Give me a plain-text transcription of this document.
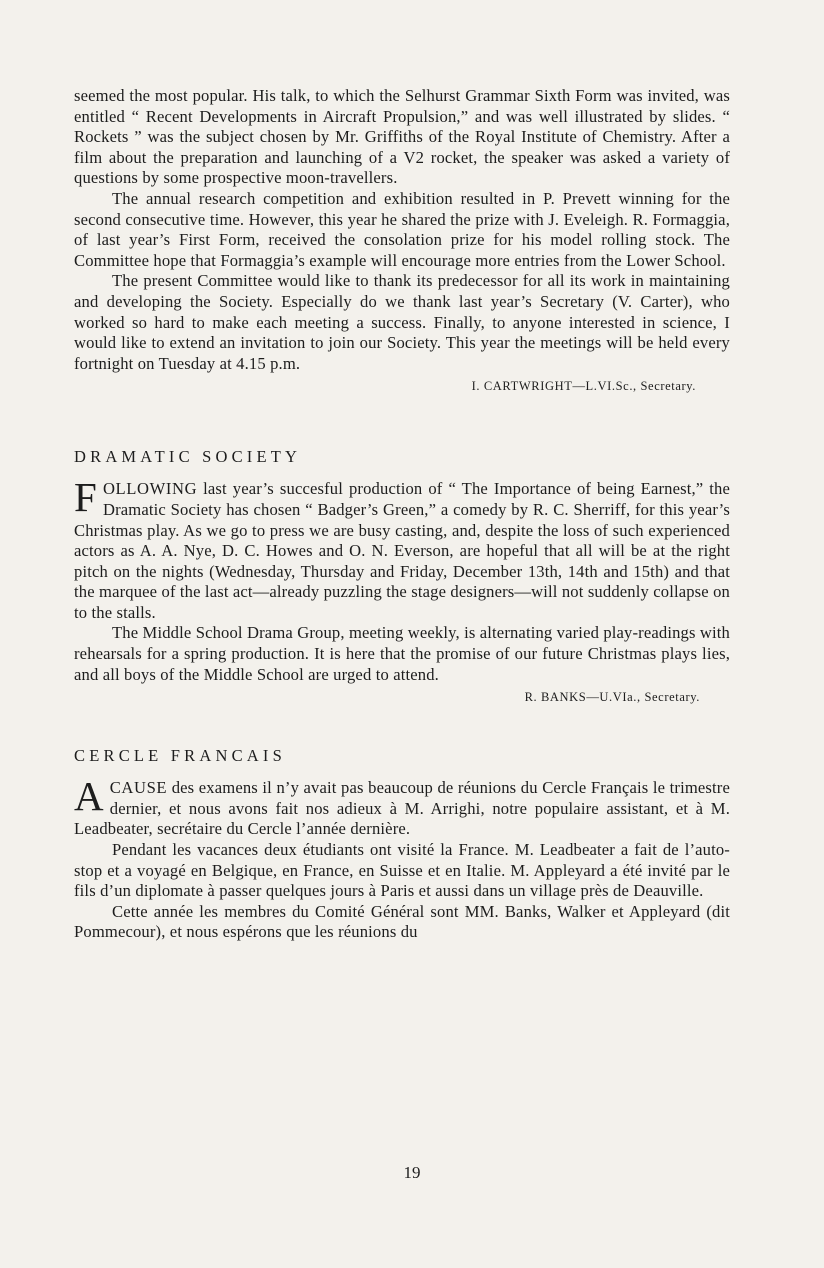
seemed the most popular. His talk, to which the Selhurst Grammar Sixth Form was invited, was entitled “ Recent Developments in Aircraft Propulsion,” and was well illustrated by slides. “ Rockets ” was the subject chosen by Mr. Griffiths of the Royal Institute of Chemistry. After a film about the preparation and launching of a V2 rocket, the speaker was asked a variety of questions by some prospective moon-travellers.

The annual research competition and exhibition resulted in P. Prevett winning for the second consecutive time. However, this year he shared the prize with J. Eveleigh. R. Formaggia, of last year’s First Form, received the consolation prize for his model rolling stock. The Committee hope that Formaggia’s example will encourage more entries from the Lower School.

The present Committee would like to thank its predecessor for all its work in maintaining and developing the Society. Especially do we thank last year’s Secretary (V. Carter), who worked so hard to make each meeting a success. Finally, to anyone interested in science, I would like to extend an invitation to join our Society. This year the meetings will be held every fortnight on Tuesday at 4.15 p.m.

I. CARTWRIGHT—L.VI.Sc., Secretary.

DRAMATIC SOCIETY

FOLLOWING last year’s succesful production of “ The Importance of being Earnest,” the Dramatic Society has chosen “ Badger’s Green,” a comedy by R. C. Sherriff, for this year’s Christmas play. As we go to press we are busy casting, and, despite the loss of such experienced actors as A. A. Nye, D. C. Howes and O. N. Everson, are hopeful that all will be at the right pitch on the nights (Wednesday, Thursday and Friday, December 13th, 14th and 15th) and that the marquee of the last act—already puzzling the stage designers—will not suddenly collapse on to the stalls.

The Middle School Drama Group, meeting weekly, is alternating varied play-readings with rehearsals for a spring production. It is here that the promise of our future Christmas plays lies, and all boys of the Middle School are urged to attend.

R. BANKS—U.VIa., Secretary.

CERCLE FRANCAIS

ACAUSE des examens il n’y avait pas beaucoup de réunions du Cercle Français le trimestre dernier, et nous avons fait nos adieux à M. Arrighi, notre populaire assistant, et à M. Leadbeater, secrétaire du Cercle l’année dernière.

Pendant les vacances deux étudiants ont visité la France. M. Leadbeater a fait de l’auto-stop et a voyagé en Belgique, en France, en Suisse et en Italie. M. Appleyard a été invité par le fils d’un diplomate à passer quelques jours à Paris et aussi dans un village près de Deauville.

Cette année les membres du Comité Général sont MM. Banks, Walker et Appleyard (dit Pommecour), et nous espérons que les réunions du

19
